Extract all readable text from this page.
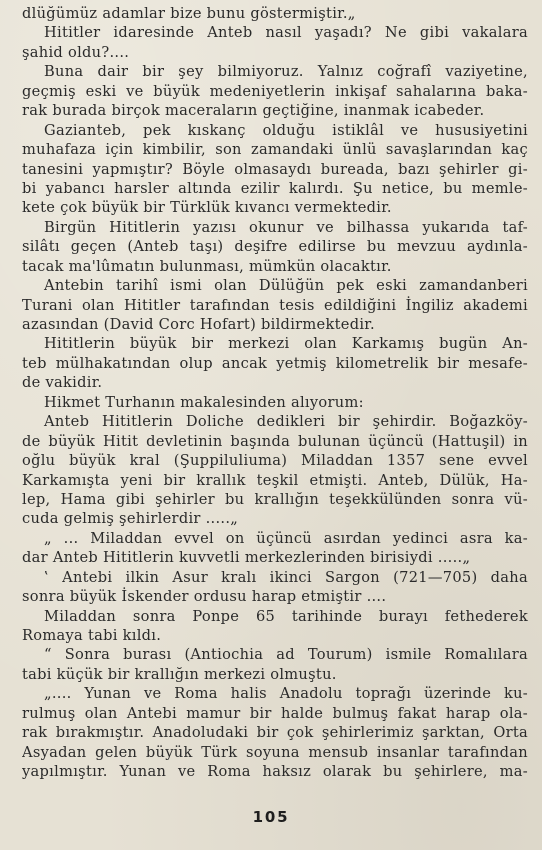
dlüğümüz adamlar bize bunu göstermiştir.„
Hititler idaresinde Anteb nasıl yaşadı? Ne gibi vakalara
şahid oldu?....
Buna dair bir şey bilmiyoruz. Yalnız coğrafî vaziyetine,
geçmiş eski ve büyük medeniyetlerin inkişaf sahalarına baka-
rak burada birçok maceraların geçtiğine, inanmak icabeder.
Gazianteb, pek kıskanç olduğu istiklâl ve hususiyetini
muhafaza için kimbilir, son zamandaki ünlü savaşlarından kaç
tanesini yapmıştır? Böyle olmasaydı bureada, bazı şehirler gi-
bi yabancı harsler altında ezilir kalırdı. Şu netice, bu memle-
kete çok büyük bir Türklük kıvancı vermektedir.
Birgün Hititlerin yazısı okunur ve bilhassa yukarıda taf-
silâtı geçen (Anteb taşı) deşifre edilirse bu mevzuu aydınla-
tacak ma'lûmatın bulunması, mümkün olacaktır.
Antebin tarihî ismi olan Dülüğün pek eski zamandanberi
Turani olan Hititler tarafından tesis edildiğini İngiliz akademi
azasından (David Corc Hofart) bildirmektedir.
Hititlerin büyük bir merkezi olan Karkamış bugün An-
teb mülhakatından olup ancak yetmiş kilometrelik bir mesafe-
de vakidir.
Hikmet Turhanın makalesinden alıyorum:
Anteb Hititlerin Doliche dedikleri bir şehirdir. Boğazköy-
de büyük Hitit devletinin başında bulunan üçüncü (Hattuşil) in
oğlu büyük kral (Şuppiluliuma) Miladdan 1357 sene evvel
Karkamışta yeni bir krallık teşkil etmişti. Anteb, Dülük, Ha-
lep, Hama gibi şehirler bu krallığın teşekkülünden sonra vü-
cuda gelmiş şehirlerdir .....„
„ ... Miladdan evvel on üçüncü asırdan yedinci asra ka-
dar Anteb Hititlerin kuvvetli merkezlerinden birisiydi .....„
‛ Antebi ilkin Asur kralı ikinci Sargon (721—705) daha
sonra büyük İskender ordusu harap etmiştir ....
Miladdan sonra Ponpe 65 tarihinde burayı fethederek
Romaya tabi kıldı.
“ Sonra burası (Antiochia ad Tourum) ismile Romalılara
tabi küçük bir krallığın merkezi olmuştu.
„.... Yunan ve Roma halis Anadolu toprağı üzerinde ku-
rulmuş olan Antebi mamur bir halde bulmuş fakat harap ola-
rak bırakmıştır. Anadoludaki bir çok şehirlerimiz şarktan, Orta
Asyadan gelen büyük Türk soyuna mensub insanlar tarafından
yapılmıştır. Yunan ve Roma haksız olarak bu şehirlere, ma-
105
